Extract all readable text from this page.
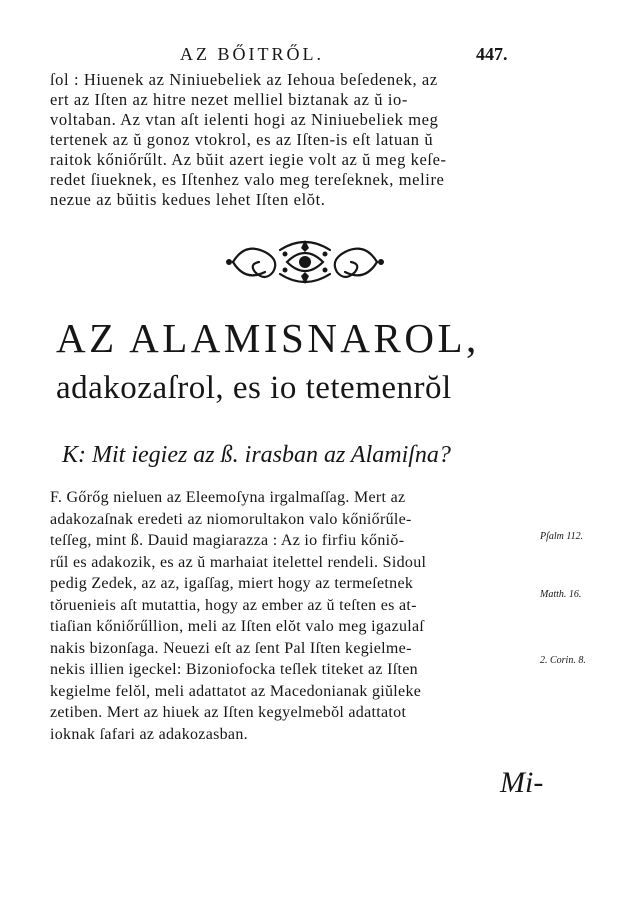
AZ BŐITRŐL.	447.
ſol : Hiuenek az Niniuebeliek az Iehoua beſedenek, az
ert az Iſten az hitre nezet melliel biztanak az ŭ io-
voltaban. Az vtan aſt ielenti hogi az Niniuebeliek meg
tertenek az ŭ gonoz vtokrol, es az Iſten-is eſt latuan ŭ
raitok kőniőrűlt. Az bŭit azert iegie volt az ŭ meg keſe-
redet ſiueknek, es Iſtenhez valo meg tereſeknek, melire
nezue az bŭitis kedues lehet Iſten elŏt.
AZ ALAMISNAROL,
adakozaſrol, es io tetemenrŏl
K: Mit iegiez az ß. irasban az Alamiſna?
F. Gőrőg nieluen az Eleemoſyna irgalmaſſag. Mert az
adakozaſnak eredeti az niomorultakon valo kőniőrűle-
teſſeg, mint ß. Dauid magiarazza : Az io firfiu kőniŏ-
rűl es adakozik, es az ŭ marhaiat itelettel rendeli. Sidoul
pedig Zedek, az az, igaſſag, miert hogy az termeſetnek
tŏruenieis aſt mutattia, hogy az ember az ŭ teſten es at-
tiaſian kőniőrűllion, meli az Iſten elŏt valo meg igazulaſ
nakis bizonſaga. Neuezi eſt az ſent Pal Iſten kegielme-
nekis illien igeckel: Bizoniofocka teſlek titeket az Iſten
kegielme felŏl, meli adattatot az Macedonianak giŭleke
zetiben. Mert az hiuek az Iſten kegyelmebŏl adattatot
ioknak ſafari az adakozasban.
Pſalm 112.
Matth. 16.
2. Corin. 8.
Mi-
